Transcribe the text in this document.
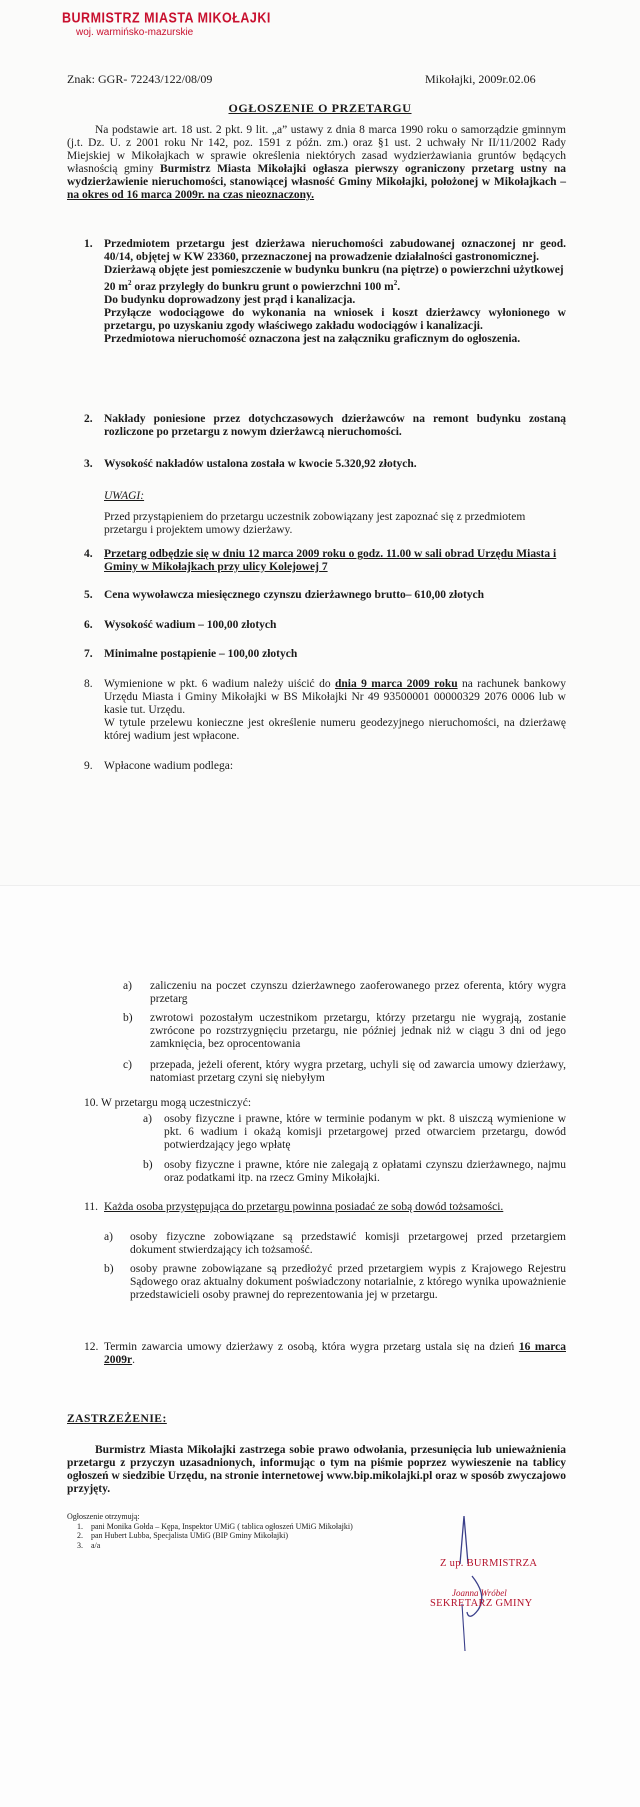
BURMISTRZ MIASTA MIKOŁAJKI
woj. warmińsko-mazurskie
Znak: GGR- 72243/122/08/09	Mikołajki, 2009r.02.06
OGŁOSZENIE O PRZETARGU
Na podstawie art. 18 ust. 2 pkt. 9 lit. „a” ustawy z dnia 8 marca 1990 roku o samorządzie gminnym (j.t. Dz. U. z 2001 roku Nr 142, poz. 1591 z późn. zm.) oraz §1 ust. 2 uchwały Nr II/11/2002 Rady Miejskiej w Mikołajkach w sprawie określenia niektórych zasad wydzierżawiania gruntów będących własnością gminy Burmistrz Miasta Mikołajki ogłasza pierwszy ograniczony przetarg ustny na wydzierżawienie nieruchomości, stanowiącej własność Gminy Mikołajki, położonej w Mikołajkach – na okres od 16 marca 2009r. na czas nieoznaczony.
1. Przedmiotem przetargu jest dzierżawa nieruchomości zabudowanej oznaczonej nr geod. 40/14, objętej w KW 23360, przeznaczonej na prowadzenie działalności gastronomicznej.
Dzierżawą objęte jest pomieszczenie w budynku bunkru (na piętrze) o powierzchni użytkowej 20 $m^2$ oraz przyległy do bunkru grunt o powierzchni 100 $m^2$.
Do budynku doprowadzony jest prąd i kanalizacja.
Przyłącze wodociągowe do wykonania na wniosek i koszt dzierżawcy wyłonionego w przetargu, po uzyskaniu zgody właściwego zakładu wodociągów i kanalizacji.
Przedmiotowa nieruchomość oznaczona jest na załączniku graficznym do ogłoszenia.
2. Nakłady poniesione przez dotychczasowych dzierżawców na remont budynku zostaną rozliczone po przetargu z nowym dzierżawcą nieruchomości.
3. Wysokość nakładów ustalona została w kwocie 5.320,92 złotych.
UWAGI:
Przed przystąpieniem do przetargu uczestnik zobowiązany jest zapoznać się z przedmiotem przetargu i projektem umowy dzierżawy.
4. Przetarg odbędzie się w dniu 12 marca 2009 roku o godz. 11.00 w sali obrad Urzędu Miasta i Gminy w Mikołajkach przy ulicy Kolejowej 7
5. Cena wywoławcza miesięcznego czynszu dzierżawnego brutto– 610,00 złotych
6. Wysokość wadium – 100,00 złotych
7. Minimalne postąpienie – 100,00 złotych
8. Wymienione w pkt. 6 wadium należy uiścić do dnia 9 marca 2009 roku na rachunek bankowy Urzędu Miasta i Gminy Mikołajki w BS Mikołajki Nr 49 93500001 00000329 2076 0006 lub w kasie tut. Urzędu.
W tytule przelewu konieczne jest określenie numeru geodezyjnego nieruchomości, na dzierżawę której wadium jest wpłacone.
9. Wpłacone wadium podlega:
a) zaliczeniu na poczet czynszu dzierżawnego zaoferowanego przez oferenta, który wygra przetarg
b) zwrotowi pozostałym uczestnikom przetargu, którzy przetargu nie wygrają, zostanie zwrócone po rozstrzygnięciu przetargu, nie później jednak niż w ciągu 3 dni od jego zamknięcia, bez oprocentowania
c) przepada, jeżeli oferent, który wygra przetarg, uchyli się od zawarcia umowy dzierżawy, natomiast przetarg czyni się niebyłym
10. W przetargu mogą uczestniczyć:
a) osoby fizyczne i prawne, które w terminie podanym w pkt. 8 uiszczą wymienione w pkt. 6 wadium i okażą komisji przetargowej przed otwarciem przetargu, dowód potwierdzający jego wpłatę
b) osoby fizyczne i prawne, które nie zalegają z opłatami czynszu dzierżawnego, najmu oraz podatkami itp. na rzecz Gminy Mikołajki.
11. Każda osoba przystępująca do przetargu powinna posiadać ze sobą dowód tożsamości.
a) osoby fizyczne zobowiązane są przedstawić komisji przetargowej przed przetargiem dokument stwierdzający ich tożsamość.
b) osoby prawne zobowiązane są przedłożyć przed przetargiem wypis z Krajowego Rejestru Sądowego oraz aktualny dokument poświadczony notarialnie, z którego wynika upoważnienie przedstawicieli osoby prawnej do reprezentowania jej w przetargu.
12. Termin zawarcia umowy dzierżawy z osobą, która wygra przetarg ustala się na dzień 16 marca 2009r.
ZASTRZEŻENIE:
Burmistrz Miasta Mikołajki zastrzega sobie prawo odwołania, przesunięcia lub unieważnienia przetargu z przyczyn uzasadnionych, informując o tym na piśmie poprzez wywieszenie na tablicy ogłoszeń w siedzibie Urzędu, na stronie internetowej www.bip.mikolajki.pl oraz w sposób zwyczajowo przyjęty.
Ogłoszenie otrzymują:
1. pani Monika Gołda – Kępa, Inspektor UMiG ( tablica ogłoszeń UMiG Mikołajki)
2. pan Hubert Lubba, Specjalista UMiG (BIP Gminy Mikołajki)
3. a/a
Z up. BURMISTRZA
Joanna Wróbel
SEKRETARZ GMINY
